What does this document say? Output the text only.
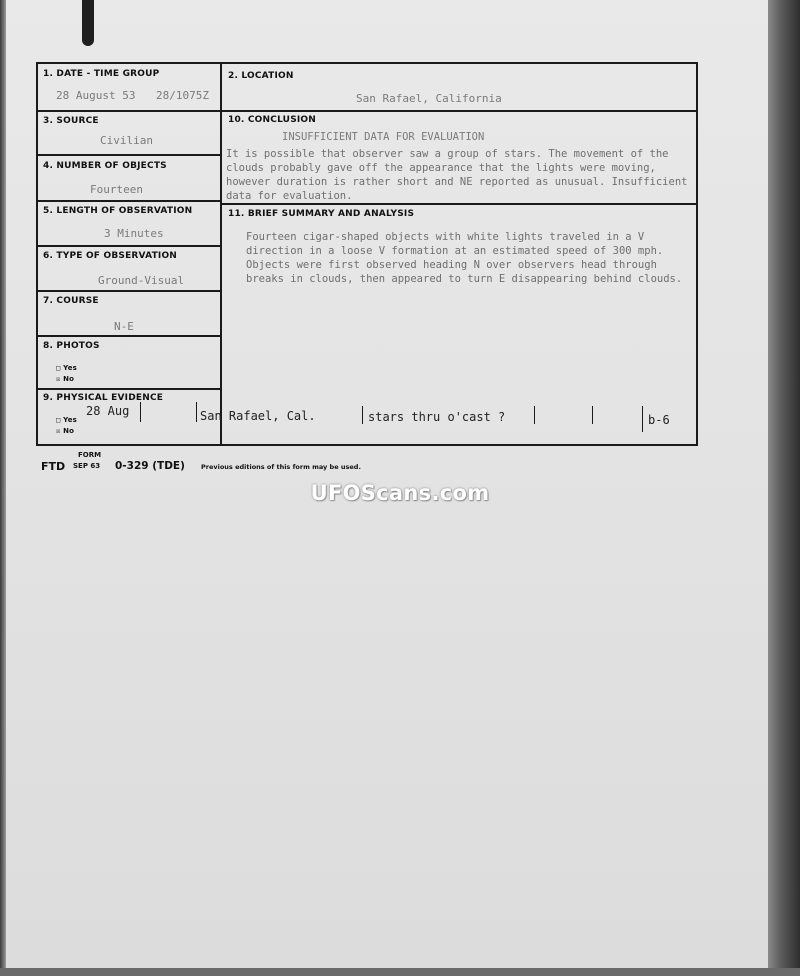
1. DATE - TIME GROUP
28 August 53 28/1075Z
2. LOCATION
San Rafael, California
3. SOURCE
Civilian
4. NUMBER OF OBJECTS
Fourteen
5. LENGTH OF OBSERVATION
3 Minutes
6. TYPE OF OBSERVATION
Ground-Visual
7. COURSE
N-E
8. PHOTOS
□ Yes
☒ No
9. PHYSICAL EVIDENCE
□ Yes
☒ No
10. CONCLUSION
INSUFFICIENT DATA FOR EVALUATION
It is possible that observer saw a group of stars. The movement of the clouds probably gave off the appearance that the lights were moving, however duration is rather short and NE reported as unusual. Insufficient data for evaluation.
11. BRIEF SUMMARY AND ANALYSIS
Fourteen cigar-shaped objects with white lights traveled in a V direction in a loose V formation at an estimated speed of 300 mph. Objects were first observed heading N over observers head through breaks in clouds, then appeared to turn E disappearing behind clouds.
28 Aug	San Rafael, Cal.	stars thru o'cast ?	b-6
FORM
FTD SEP 63 0-329 (TDE) Previous editions of this form may be used.
UFOScans.com
